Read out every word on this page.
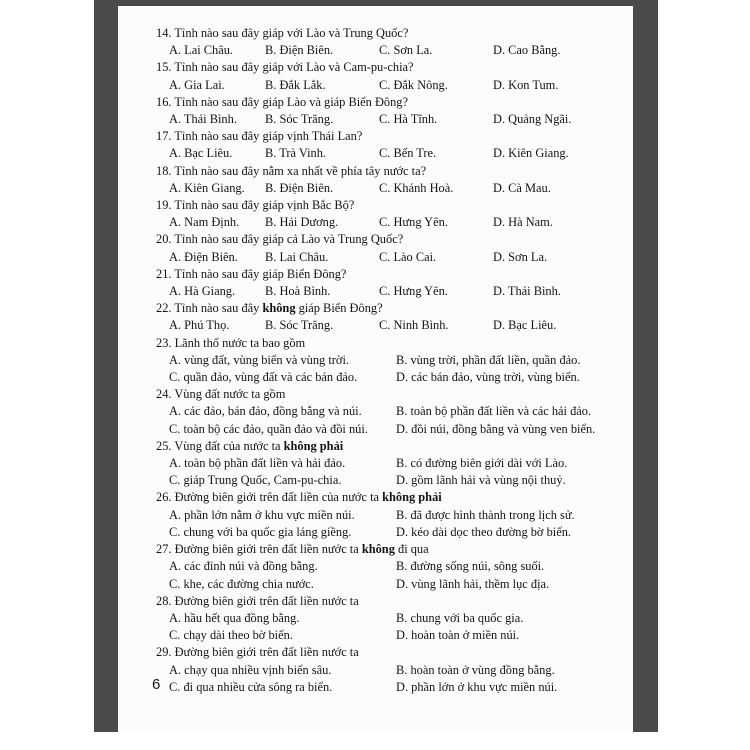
14. Tỉnh nào sau đây giáp với Lào và Trung Quốc?
A. Lai Châu.	B. Điện Biên.	C. Sơn La.	D. Cao Bằng.
15. Tỉnh nào sau đây giáp với Lào và Cam-pu-chia?
A. Gia Lai.	B. Đắk Lắk.	C. Đắk Nông.	D. Kon Tum.
16. Tỉnh nào sau đây giáp Lào và giáp Biển Đông?
A. Thái Bình.	B. Sóc Trăng.	C. Hà Tĩnh.	D. Quảng Ngãi.
17. Tỉnh nào sau đây giáp vịnh Thái Lan?
A. Bạc Liêu.	B. Trà Vinh.	C. Bến Tre.	D. Kiên Giang.
18. Tỉnh nào sau đây nằm xa nhất về phía tây nước ta?
A. Kiên Giang.	B. Điện Biên.	C. Khánh Hoà.	D. Cà Mau.
19. Tỉnh nào sau đây giáp vịnh Bắc Bộ?
A. Nam Định.	B. Hải Dương.	C. Hưng Yên.	D. Hà Nam.
20. Tỉnh nào sau đây giáp cả Lào và Trung Quốc?
A. Điện Biên.	B. Lai Châu.	C. Lào Cai.	D. Sơn La.
21. Tỉnh nào sau đây giáp Biển Đông?
A. Hà Giang.	B. Hoà Bình.	C. Hưng Yên.	D. Thái Bình.
22. Tỉnh nào sau đây không giáp Biển Đông?
A. Phú Thọ.	B. Sóc Trăng.	C. Ninh Bình.	D. Bạc Liêu.
23. Lãnh thổ nước ta bao gồm
A. vùng đất, vùng biển và vùng trời.	B. vùng trời, phần đất liền, quần đảo.
C. quần đảo, vùng đất và các bán đảo.	D. các bán đảo, vùng trời, vùng biển.
24. Vùng đất nước ta gồm
A. các đảo, bán đảo, đồng bằng và núi.	B. toàn bộ phần đất liền và các hải đảo.
C. toàn bộ các đảo, quần đảo và đồi núi.	D. đồi núi, đồng bằng và vùng ven biển.
25. Vùng đất của nước ta không phải
A. toàn bộ phần đất liền và hải đảo.	B. có đường biên giới dài với Lào.
C. giáp Trung Quốc, Cam-pu-chia.	D. gồm lãnh hải và vùng nội thuỷ.
26. Đường biên giới trên đất liền của nước ta không phải
A. phần lớn nằm ở khu vực miền núi.	B. đã được hình thành trong lịch sử.
C. chung với ba quốc gia láng giềng.	D. kéo dài dọc theo đường bờ biển.
27. Đường biên giới trên đất liền nước ta không đi qua
A. các đỉnh núi và đồng bằng.	B. đường sống núi, sông suối.
C. khe, các đường chia nước.	D. vùng lãnh hải, thềm lục địa.
28. Đường biên giới trên đất liền nước ta
A. hầu hết qua đồng bằng.	B. chung với ba quốc gia.
C. chạy dài theo bờ biển.	D. hoàn toàn ở miền núi.
29. Đường biên giới trên đất liền nước ta
A. chạy qua nhiều vịnh biển sâu.	B. hoàn toàn ở vùng đồng bằng.
C. đi qua nhiều cửa sông ra biển.	D. phần lớn ở khu vực miền núi.
6
